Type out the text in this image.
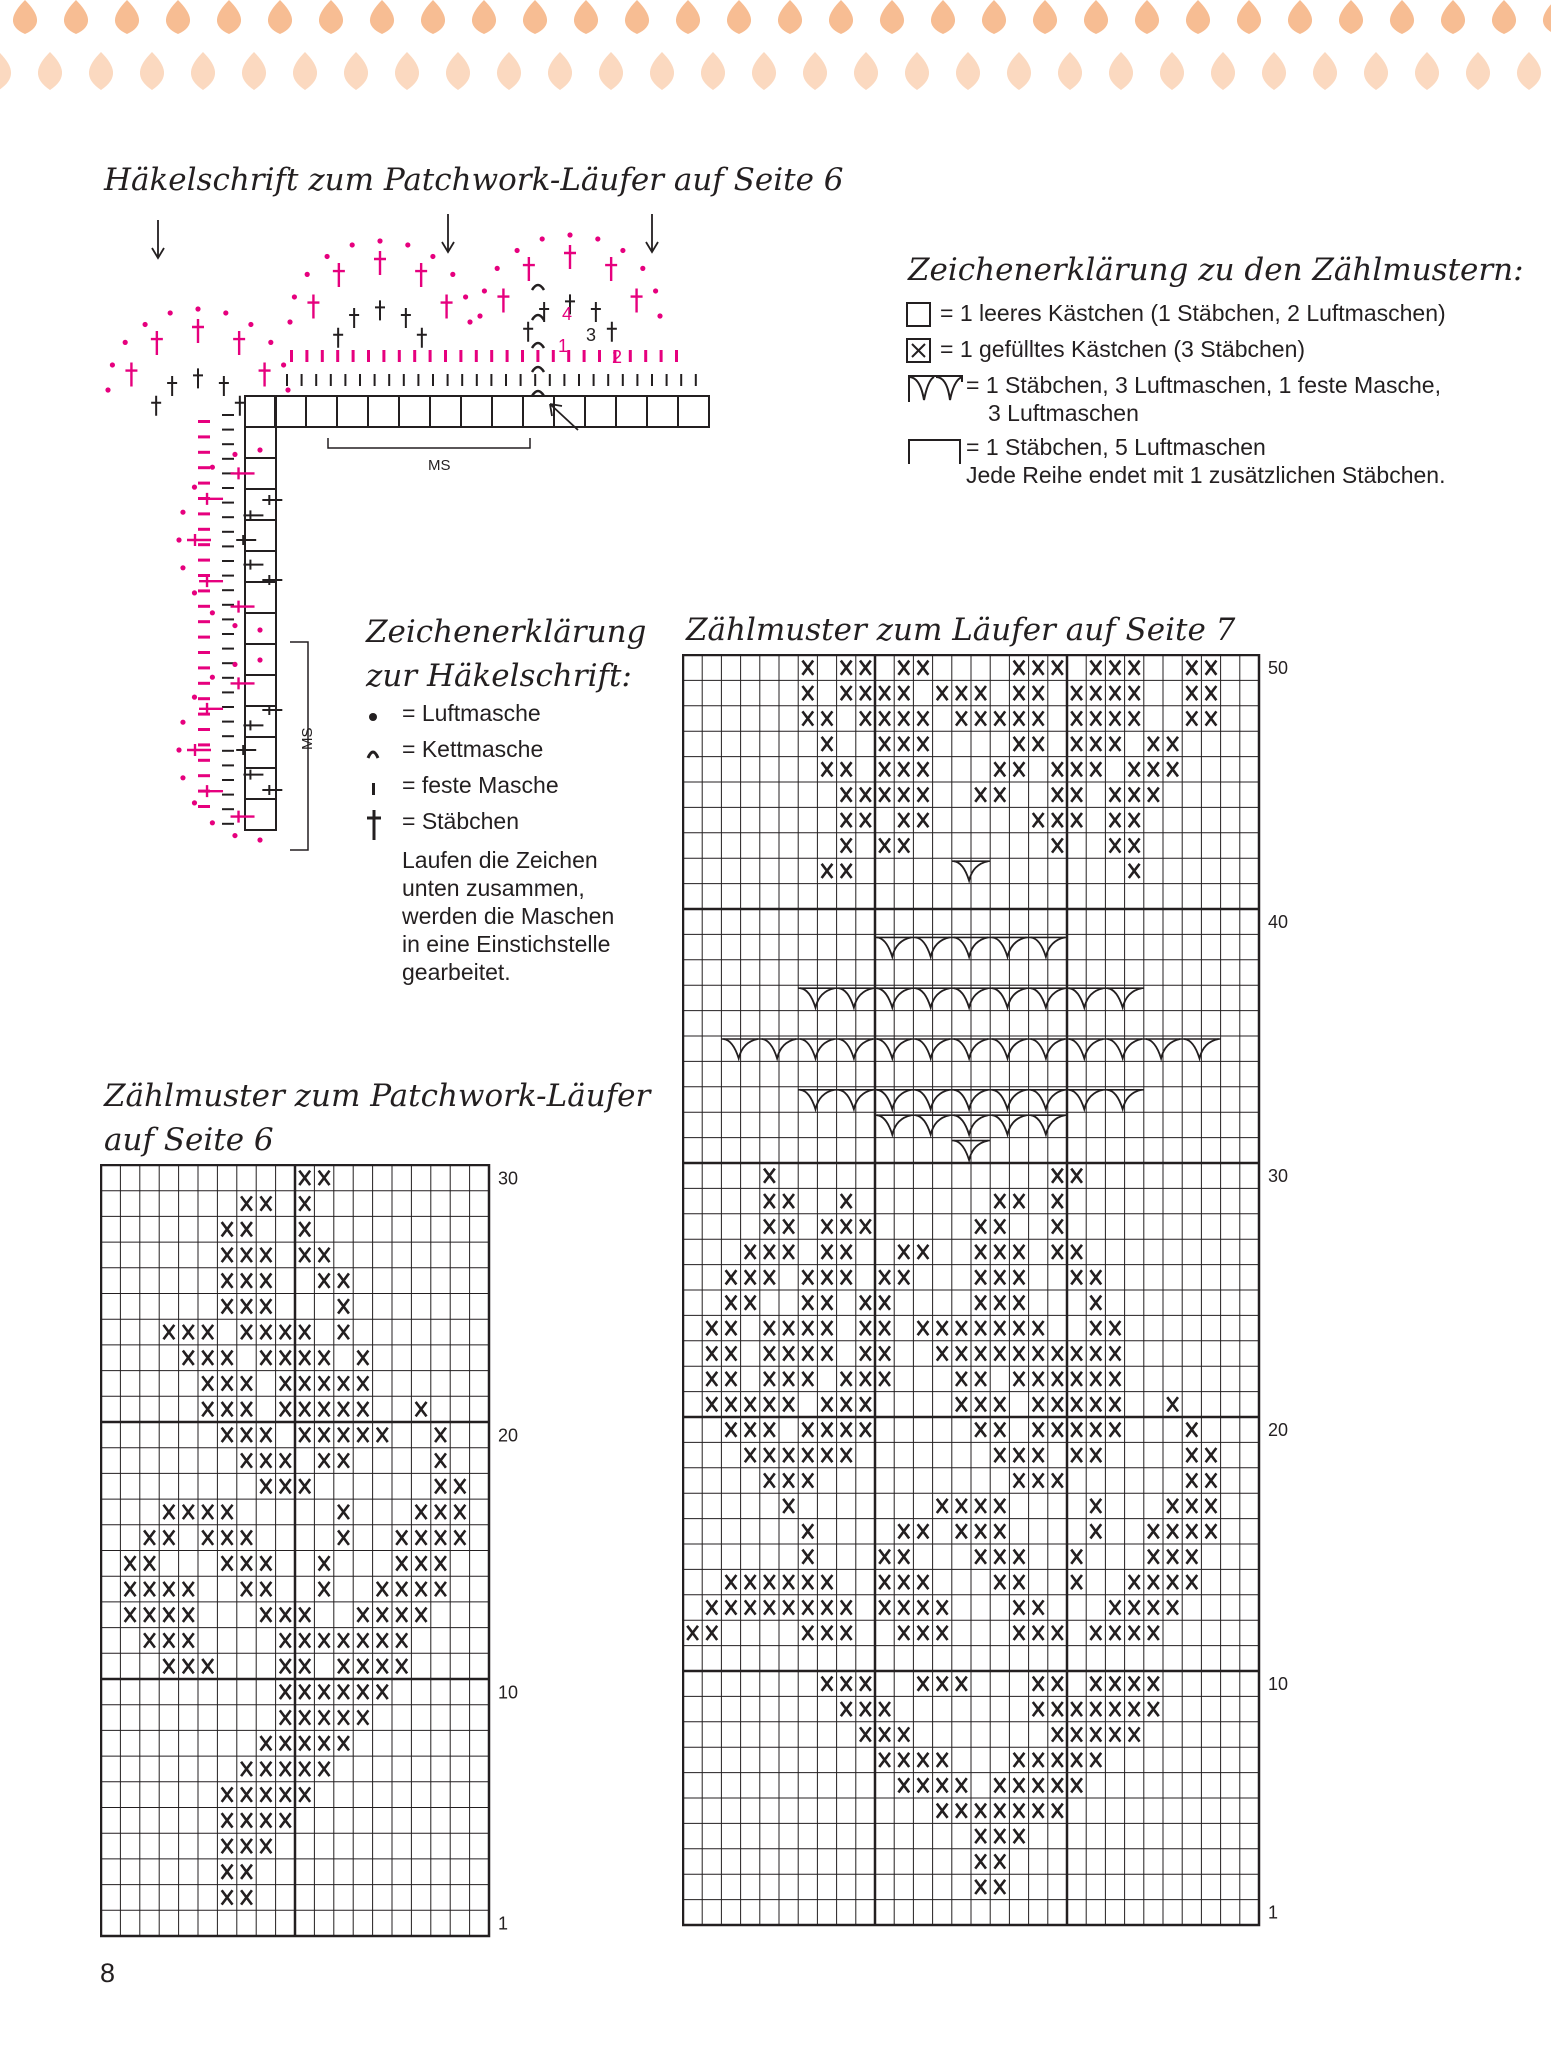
Häkelschrift zum Patchwork-Läufer auf Seite 6
MS
MS
1
2
3
4
Zeichenerklärung zu den Zählmustern:
= 1 leeres Kästchen (1 Stäbchen, 2 Luftmaschen)
= 1 gefülltes Kästchen (3 Stäbchen)
= 1 Stäbchen, 3 Luftmaschen, 1 feste Masche,
3 Luftmaschen
= 1 Stäbchen, 5 Luftmaschen
Jede Reihe endet mit 1 zusätzlichen Stäbchen.
Zeichenerklärung
zur Häkelschrift:
= Luftmasche
= Kettmasche
= feste Masche
= Stäbchen
Laufen die Zeichen
unten zusammen,
werden die Maschen
in eine Einstichstelle
gearbeitet.
Zählmuster zum Patchwork-Läufer
auf Seite 6
30
20
10
1
Zählmuster zum Läufer auf Seite 7
50
40
30
20
10
1
8
